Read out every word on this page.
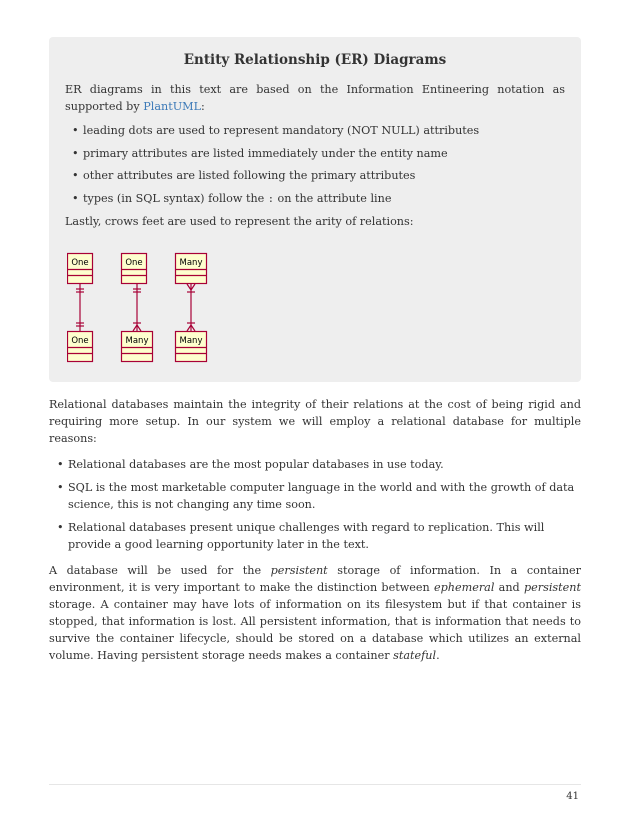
Entity Relationship (ER) Diagrams

ER diagrams in this text are based on the Information Entineering notation as supported by PlantUML:

• leading dots are used to represent mandatory (NOT NULL) attributes
• primary attributes are listed immediately under the entity name
• other attributes are listed following the primary attributes
• types (in SQL syntax) follow the : on the attribute line

Lastly, crows feet are used to represent the arity of relations:

One
One
One
Many
Many
Many

Relational databases maintain the integrity of their relations at the cost of being rigid and requiring more setup. In our system we will employ a relational database for multiple reasons:

• Relational databases are the most popular databases in use today.
• SQL is the most marketable computer language in the world and with the growth of data science, this is not changing any time soon.
• Relational databases present unique challenges with regard to replication. This will provide a good learning opportunity later in the text.

A database will be used for the persistent storage of information. In a container environment, it is very important to make the distinction between ephemeral and persistent storage. A container may have lots of information on its filesystem but if that container is stopped, that information is lost. All persistent information, that is information that needs to survive the container lifecycle, should be stored on a database which utilizes an external volume. Having persistent storage needs makes a container stateful.

41
